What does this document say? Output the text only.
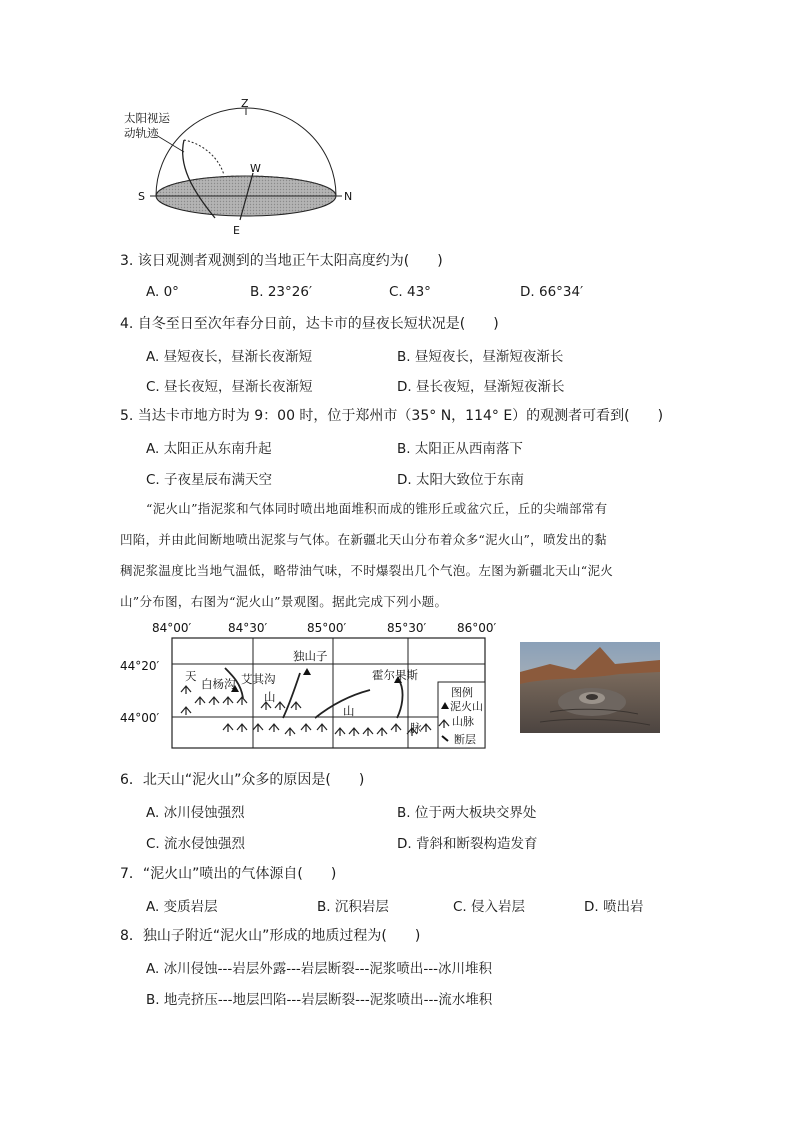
太阳视运
动轨迹
Z
W
S	N
E
3. 该日观测者观测到的当地正午太阳高度约为(　　)
A. 0°	B. 23°26′	C. 43°	D. 66°34′
4. 自冬至日至次年春分日前，达卡市的昼夜长短状况是(　　)
A. 昼短夜长，昼渐长夜渐短	B. 昼短夜长，昼渐短夜渐长
C. 昼长夜短，昼渐长夜渐短	D. 昼长夜短，昼渐短夜渐长
5. 当达卡市地方时为 9：00 时，位于郑州市（35° N，114° E）的观测者可看到(　　)
A. 太阳正从东南升起	B. 太阳正从西南落下
C. 子夜星辰布满天空	D. 太阳大致位于东南
“泥火山”指泥浆和气体同时喷出地面堆积而成的锥形丘或盆穴丘，丘的尖端部常有
凹陷，并由此间断地喷出泥浆与气体。在新疆北天山分布着众多“泥火山”，喷发出的黏
稠泥浆温度比当地气温低，略带油气味，不时爆裂出几个气泡。左图为新疆北天山“泥火
山”分布图，右图为“泥火山”景观图。据此完成下列小题。
84°00′	84°30′	85°00′	85°30′	86°00′
44°20′
44°00′
天
白杨沟 艾其沟
山
独山子
霍尔果斯
山
脉
图例
泥火山
山脉
断层
6．北天山“泥火山”众多的原因是(　　)
A. 冰川侵蚀强烈	B. 位于两大板块交界处
C. 流水侵蚀强烈	D. 背斜和断裂构造发育
7．“泥火山”喷出的气体源自(　　)
A. 变质岩层	B. 沉积岩层	C. 侵入岩层	D. 喷出岩
8．独山子附近“泥火山”形成的地质过程为(　　)
A. 冰川侵蚀---岩层外露---岩层断裂---泥浆喷出---冰川堆积
B. 地壳挤压---地层凹陷---岩层断裂---泥浆喷出---流水堆积
